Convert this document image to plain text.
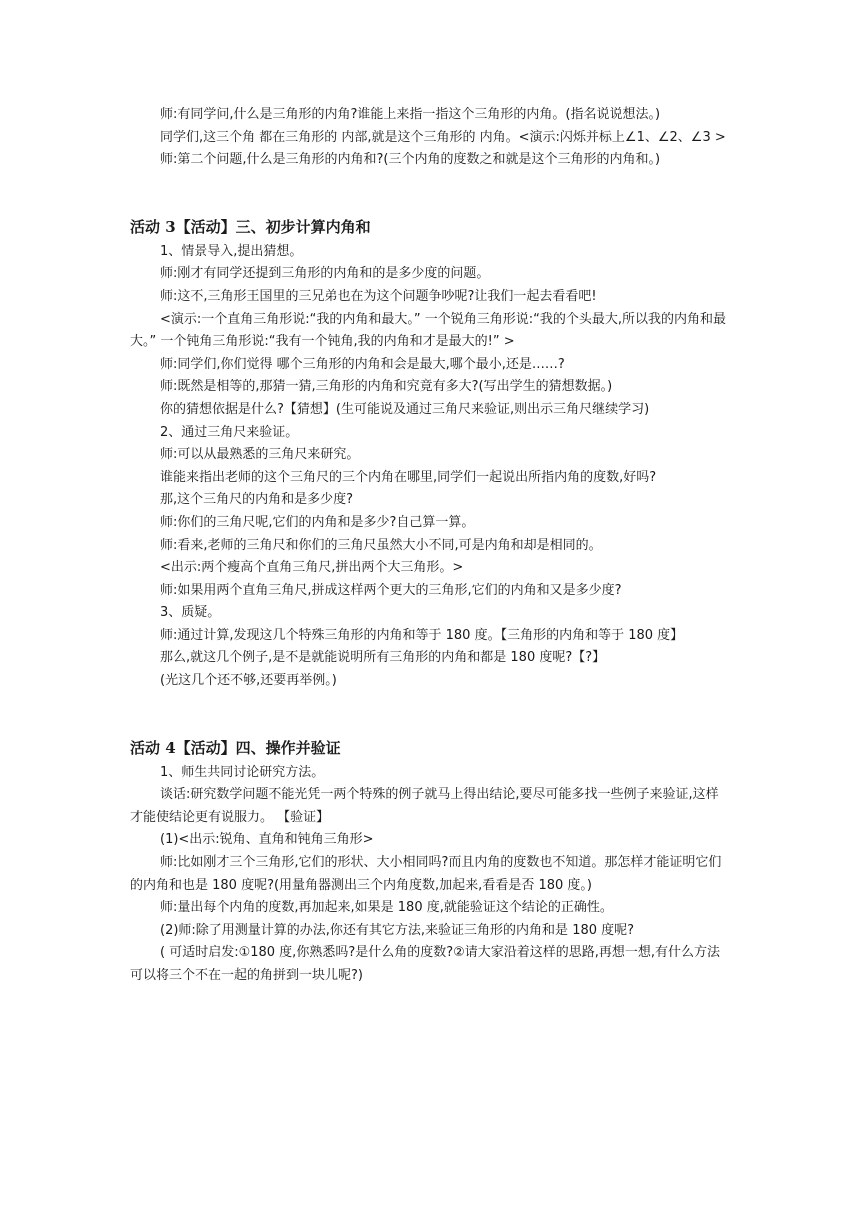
师:有同学问,什么是三角形的内角?谁能上来指一指这个三角形的内角。(指名说说想法。)

同学们,这三个角 都在三角形的 内部,就是这个三角形的 内角。<演示:闪烁并标上∠1、∠2、∠3 >

师:第二个问题,什么是三角形的内角和?(三个内角的度数之和就是这个三角形的内角和。)

活动 3【活动】三、初步计算内角和

1、情景导入,提出猜想。

师:刚才有同学还提到三角形的内角和的是多少度的问题。

师:这不,三角形王国里的三兄弟也在为这个问题争吵呢?让我们一起去看看吧!

<演示:一个直角三角形说:“我的内角和最大。” 一个锐角三角形说:“我的个头最大,所以我的内角和最大。” 一个钝角三角形说:“我有一个钝角,我的内角和才是最大的!” >

师:同学们,你们觉得 哪个三角形的内角和会是最大,哪个最小,还是……?

师:既然是相等的,那猜一猜,三角形的内角和究竟有多大?(写出学生的猜想数据。)

你的猜想依据是什么?【猜想】(生可能说及通过三角尺来验证,则出示三角尺继续学习)

2、通过三角尺来验证。

师:可以从最熟悉的三角尺来研究。

谁能来指出老师的这个三角尺的三个内角在哪里,同学们一起说出所指内角的度数,好吗?

那,这个三角尺的内角和是多少度?

师:你们的三角尺呢,它们的内角和是多少?自己算一算。

师:看来,老师的三角尺和你们的三角尺虽然大小不同,可是内角和却是相同的。

<出示:两个瘦高个直角三角尺,拼出两个大三角形。>

师:如果用两个直角三角尺,拼成这样两个更大的三角形,它们的内角和又是多少度?

3、质疑。

师:通过计算,发现这几个特殊三角形的内角和等于 180 度。【三角形的内角和等于 180 度】

那么,就这几个例子,是不是就能说明所有三角形的内角和都是 180 度呢?【?】

(光这几个还不够,还要再举例。)

活动 4【活动】四、操作并验证

1、师生共同讨论研究方法。

谈话:研究数学问题不能光凭一两个特殊的例子就马上得出结论,要尽可能多找一些例子来验证,这样才能使结论更有说服力。 【验证】

(1)<出示:锐角、直角和钝角三角形>

师:比如刚才三个三角形,它们的形状、大小相同吗?而且内角的度数也不知道。那怎样才能证明它们的内角和也是 180 度呢?(用量角器测出三个内角度数,加起来,看看是否 180 度。)

师:量出每个内角的度数,再加起来,如果是 180 度,就能验证这个结论的正确性。

(2)师:除了用测量计算的办法,你还有其它方法,来验证三角形的内角和是 180 度呢?

( 可适时启发:①180 度,你熟悉吗?是什么角的度数?②请大家沿着这样的思路,再想一想,有什么方法可以将三个不在一起的角拼到一块儿呢?)
